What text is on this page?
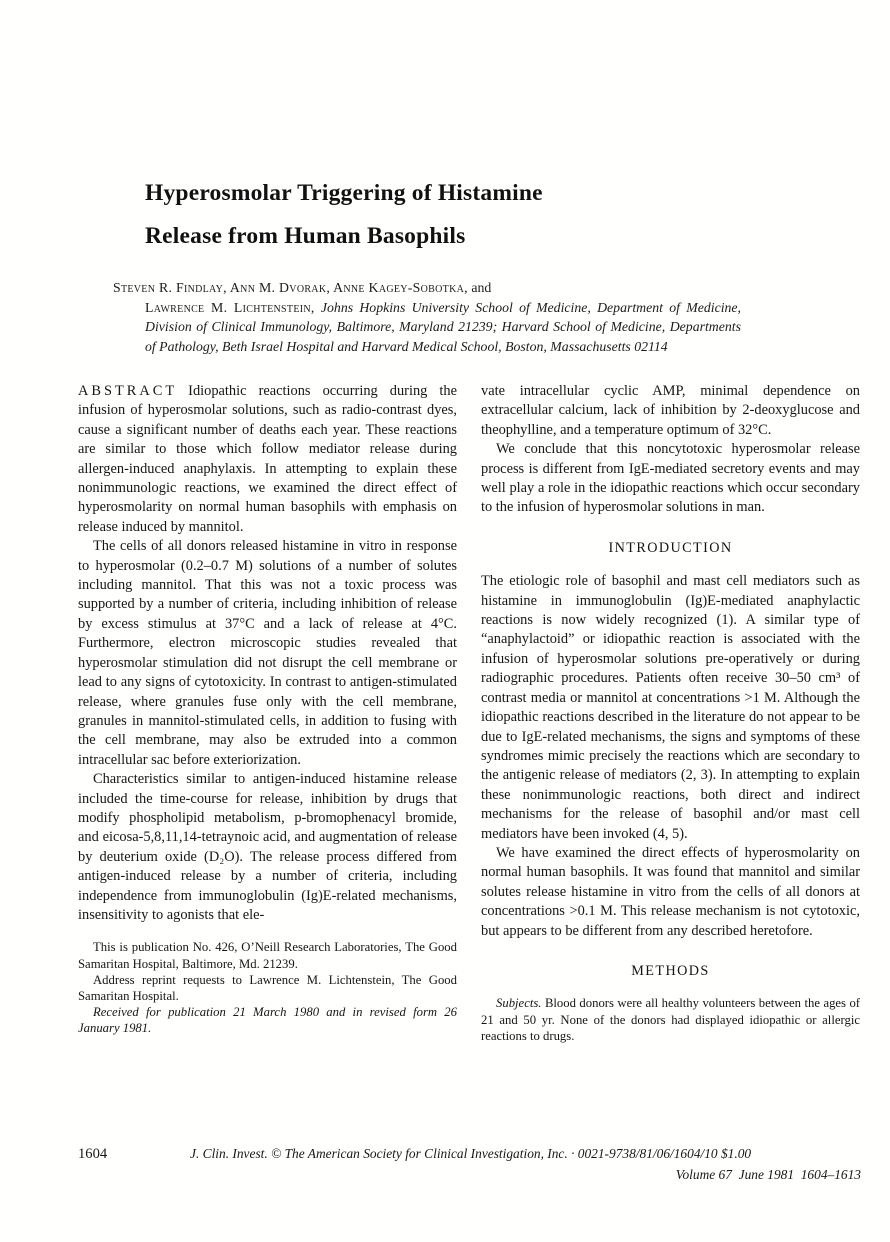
Hyperosmolar Triggering of Histamine
Release from Human Basophils
Steven R. Findlay, Ann M. Dvorak, Anne Kagey-Sobotka, and
Lawrence M. Lichtenstein, Johns Hopkins University School of Medicine, Department of Medicine, Division of Clinical Immunology, Baltimore, Maryland 21239; Harvard School of Medicine, Departments of Pathology, Beth Israel Hospital and Harvard Medical School, Boston, Massachusetts 02114

ABSTRACT Idiopathic reactions occurring during the infusion of hyperosmolar solutions, such as radio-contrast dyes, cause a significant number of deaths each year. These reactions are similar to those which follow mediator release during allergen-induced anaphylaxis. In attempting to explain these nonimmunologic reactions, we examined the direct effect of hyperosmolarity on normal human basophils with emphasis on release induced by mannitol.

The cells of all donors released histamine in vitro in response to hyperosmolar (0.2–0.7 M) solutions of a number of solutes including mannitol. That this was not a toxic process was supported by a number of criteria, including inhibition of release by excess stimulus at 37°C and a lack of release at 4°C. Furthermore, electron microscopic studies revealed that hyperosmolar stimulation did not disrupt the cell membrane or lead to any signs of cytotoxicity. In contrast to antigen-stimulated release, where granules fuse only with the cell membrane, granules in mannitol-stimulated cells, in addition to fusing with the cell membrane, may also be extruded into a common intracellular sac before exteriorization.

Characteristics similar to antigen-induced histamine release included the time-course for release, inhibition by drugs that modify phospholipid metabolism, p-bromophenacyl bromide, and eicosa-5,8,11,14-tetraynoic acid, and augmentation of release by deuterium oxide (D₂O). The release process differed from antigen-induced release by a number of criteria, including independence from immunoglobulin (Ig)E-related mechanisms, insensitivity to agonists that ele-

This is publication No. 426, O’Neill Research Laboratories, The Good Samaritan Hospital, Baltimore, Md. 21239.

Address reprint requests to Lawrence M. Lichtenstein, The Good Samaritan Hospital.

Received for publication 21 March 1980 and in revised form 26 January 1981.

vate intracellular cyclic AMP, minimal dependence on extracellular calcium, lack of inhibition by 2-deoxyglucose and theophylline, and a temperature optimum of 32°C.

We conclude that this noncytotoxic hyperosmolar release process is different from IgE-mediated secretory events and may well play a role in the idiopathic reactions which occur secondary to the infusion of hyperosmolar solutions in man.

INTRODUCTION

The etiologic role of basophil and mast cell mediators such as histamine in immunoglobulin (Ig)E-mediated anaphylactic reactions is now widely recognized (1). A similar type of “anaphylactoid” or idiopathic reaction is associated with the infusion of hyperosmolar solutions pre-operatively or during radiographic procedures. Patients often receive 30–50 cm³ of contrast media or mannitol at concentrations >1 M. Although the idiopathic reactions described in the literature do not appear to be due to IgE-related mechanisms, the signs and symptoms of these syndromes mimic precisely the reactions which are secondary to the antigenic release of mediators (2, 3). In attempting to explain these nonimmunologic reactions, both direct and indirect mechanisms for the release of basophil and/or mast cell mediators have been invoked (4, 5).

We have examined the direct effects of hyperosmolarity on normal human basophils. It was found that mannitol and similar solutes release histamine in vitro from the cells of all donors at concentrations >0.1 M. This release mechanism is not cytotoxic, but appears to be different from any described heretofore.

METHODS

Subjects. Blood donors were all healthy volunteers between the ages of 21 and 50 yr. None of the donors had displayed idiopathic or allergic reactions to drugs.

1604	J. Clin. Invest. © The American Society for Clinical Investigation, Inc. · 0021-9738/81/06/1604/10 $1.00
Volume 67  June 1981  1604–1613
